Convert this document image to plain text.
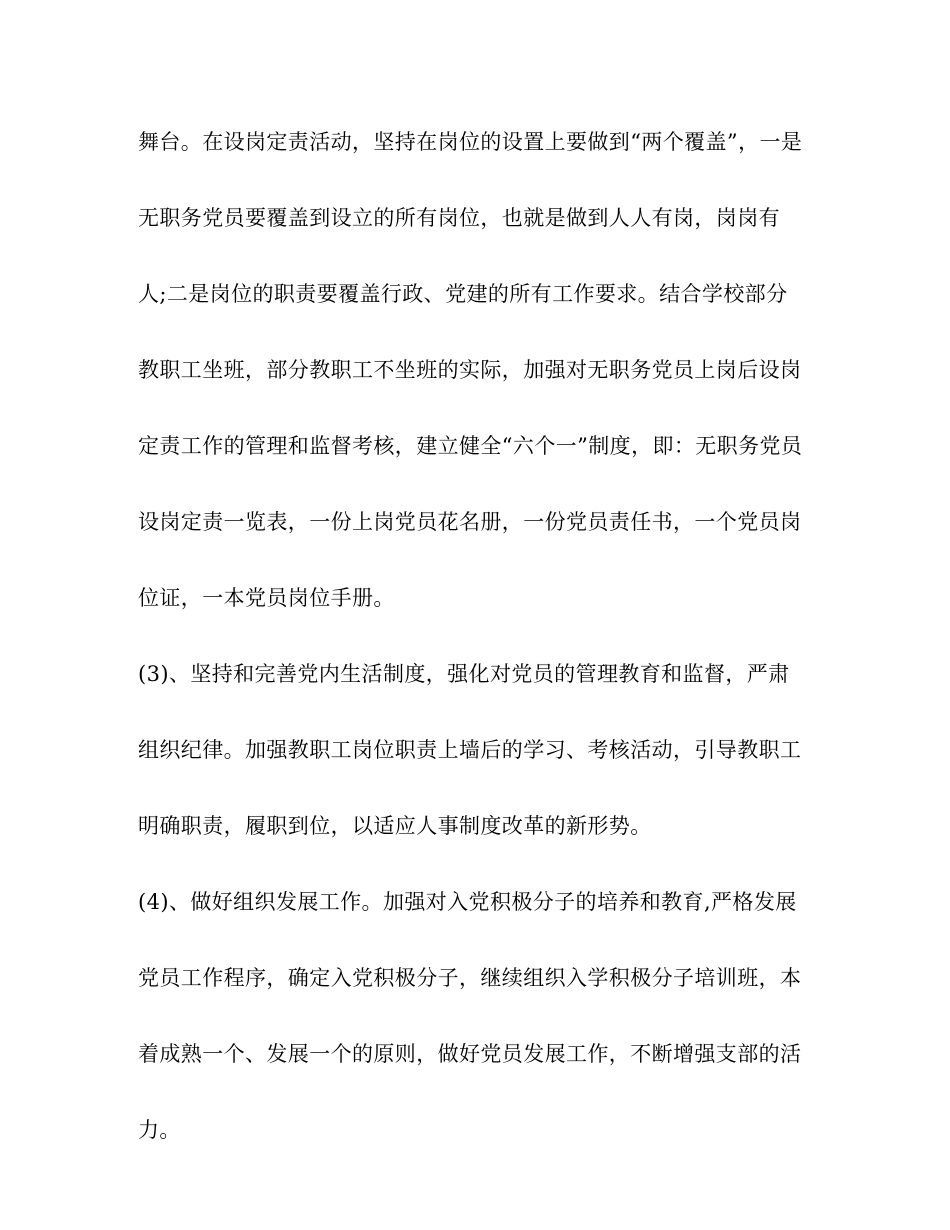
舞台。在设岗定责活动，坚持在岗位的设置上要做到“两个覆盖”，一是
无职务党员要覆盖到设立的所有岗位，也就是做到人人有岗，岗岗有
人;二是岗位的职责要覆盖行政、党建的所有工作要求。结合学校部分
教职工坐班，部分教职工不坐班的实际，加强对无职务党员上岗后设岗
定责工作的管理和监督考核，建立健全“六个一”制度，即：无职务党员
设岗定责一览表，一份上岗党员花名册，一份党员责任书，一个党员岗
位证，一本党员岗位手册。
(3)、坚持和完善党内生活制度，强化对党员的管理教育和监督，严肃
组织纪律。加强教职工岗位职责上墙后的学习、考核活动，引导教职工
明确职责，履职到位，以适应人事制度改革的新形势。
(4)、做好组织发展工作。加强对入党积极分子的培养和教育,严格发展
党员工作程序，确定入党积极分子，继续组织入学积极分子培训班，本
着成熟一个、发展一个的原则，做好党员发展工作，不断增强支部的活
力。
